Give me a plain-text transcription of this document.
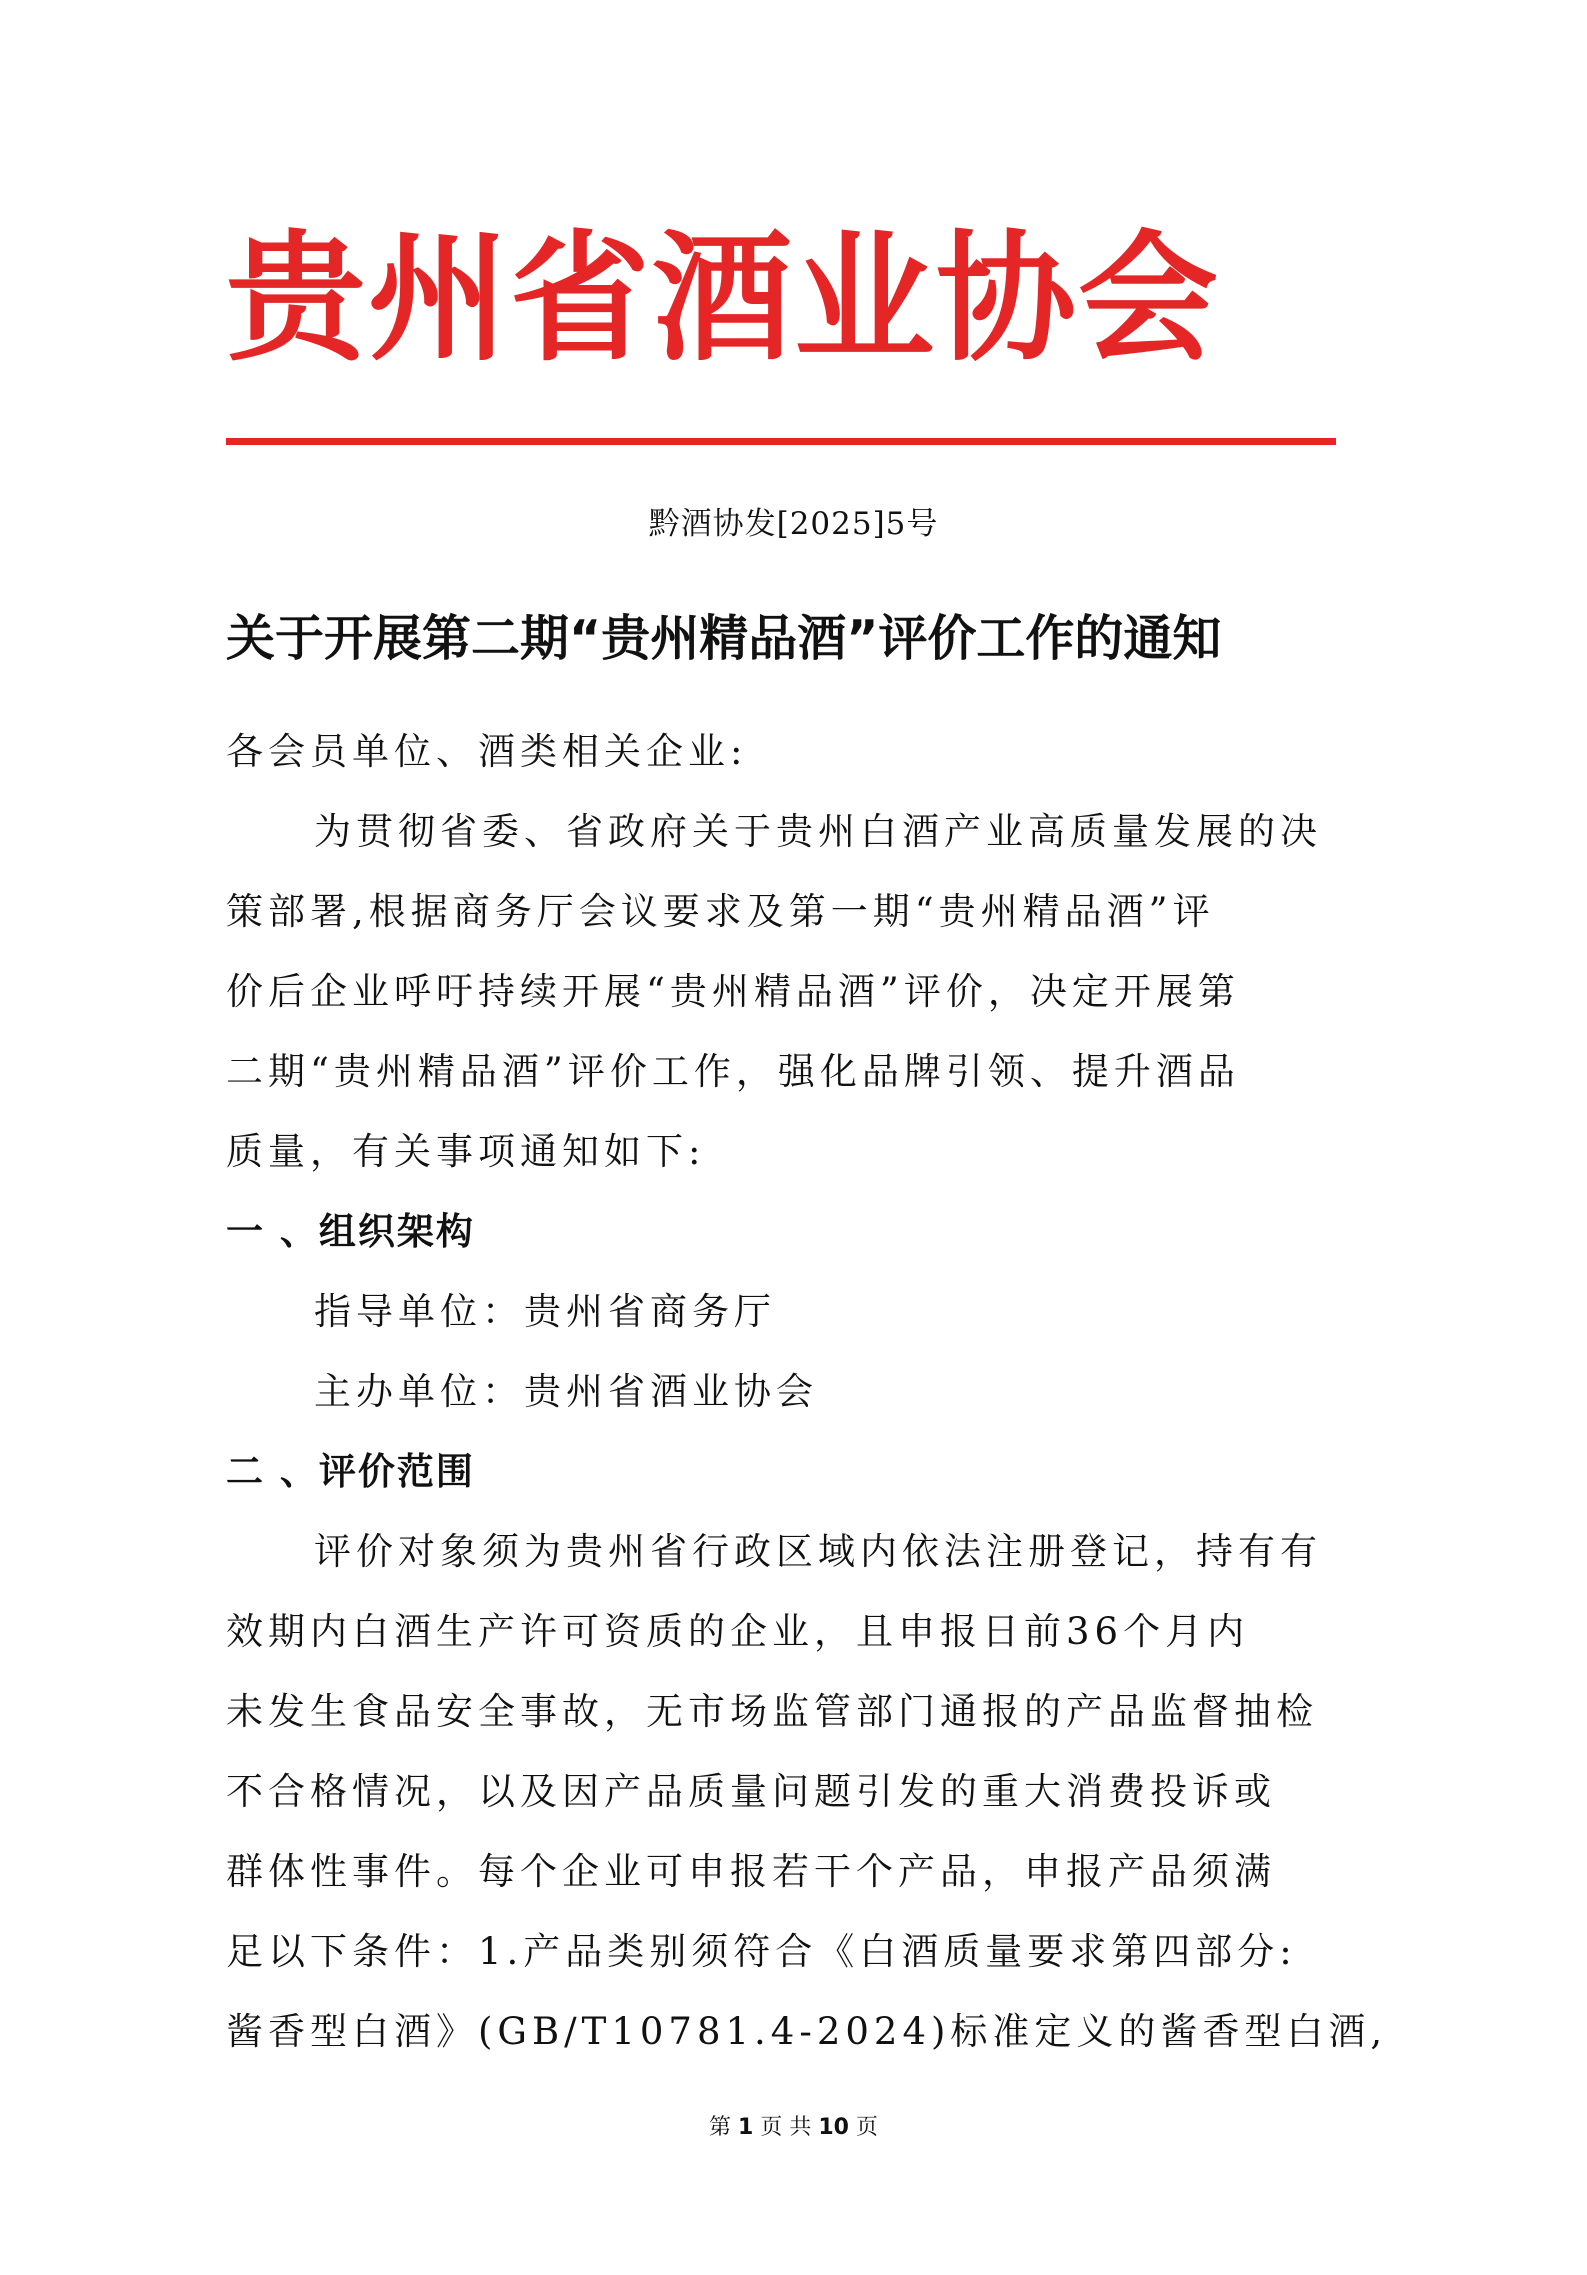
贵州省酒业协会
黔酒协发[2025]5号
关于开展第二期“贵州精品酒”评价工作的通知
各会员单位、酒类相关企业:
为贯彻省委、省政府关于贵州白酒产业高质量发展的决
策部署,根据商务厅会议要求及第一期“贵州精品酒”评
价后企业呼吁持续开展“贵州精品酒”评价，决定开展第
二期“贵州精品酒”评价工作，强化品牌引领、提升酒品
质量，有关事项通知如下:
一 、组织架构
指导单位：贵州省商务厅
主办单位：贵州省酒业协会
二 、评价范围
评价对象须为贵州省行政区域内依法注册登记，持有有
效期内白酒生产许可资质的企业，且申报日前36个月内
未发生食品安全事故，无市场监管部门通报的产品监督抽检
不合格情况，以及因产品质量问题引发的重大消费投诉或
群体性事件。每个企业可申报若干个产品，申报产品须满
足以下条件：1.产品类别须符合《白酒质量要求第四部分:
酱香型白酒》(GB/T10781.4-2024)标准定义的酱香型白酒,
第 1 页 共 10 页
